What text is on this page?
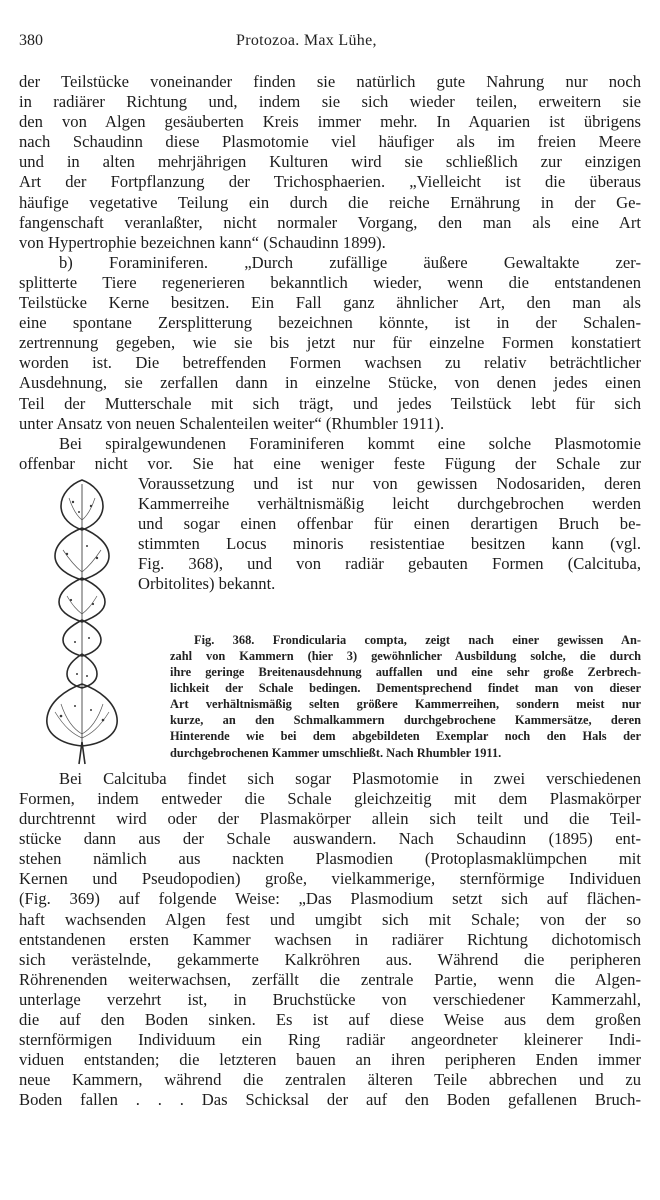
380	Protozoa. Max Lühe,

der Teilstücke voneinander finden sie natürlich gute Nahrung nur noch
in radiärer Richtung und, indem sie sich wieder teilen, erweitern sie
den von Algen gesäuberten Kreis immer mehr. In Aquarien ist übrigens
nach Schaudinn diese Plasmotomie viel häufiger als im freien Meere
und in alten mehrjährigen Kulturen wird sie schließlich zur einzigen
Art der Fortpflanzung der Trichosphaerien. „Vielleicht ist die überaus
häufige vegetative Teilung ein durch die reiche Ernährung in der Ge-
fangenschaft veranlaßter, nicht normaler Vorgang, den man als eine Art
von Hypertrophie bezeichnen kann“ (Schaudinn 1899).

b) Foraminiferen. „Durch zufällige äußere Gewaltakte zer-
splitterte Tiere regenerieren bekanntlich wieder, wenn die entstandenen
Teilstücke Kerne besitzen. Ein Fall ganz ähnlicher Art, den man als
eine spontane Zersplitterung bezeichnen könnte, ist in der Schalen-
zertrennung gegeben, wie sie bis jetzt nur für einzelne Formen konstatiert
worden ist. Die betreffenden Formen wachsen zu relativ beträchtlicher
Ausdehnung, sie zerfallen dann in einzelne Stücke, von denen jedes einen
Teil der Mutterschale mit sich trägt, und jedes Teilstück lebt für sich
unter Ansatz von neuen Schalenteilen weiter“ (Rhumbler 1911).

Bei spiralgewundenen Foraminiferen kommt eine solche Plasmotomie
offenbar nicht vor. Sie hat eine weniger feste Fügung der Schale zur

Voraussetzung und ist nur von gewissen Nodosariden, deren
Kammerreihe verhältnismäßig leicht durchgebrochen werden
und sogar einen offenbar für einen derartigen Bruch be-
stimmten Locus minoris resistentiae besitzen kann (vgl.
Fig. 368), und von radiär gebauten Formen (Calcituba,
Orbitolites) bekannt.
Fig. 368. Frondicularia compta, zeigt nach einer gewissen An-
zahl von Kammern (hier 3) gewöhnlicher Ausbildung solche, die durch
ihre geringe Breitenausdehnung auffallen und eine sehr große Zerbrech-
lichkeit der Schale bedingen. Dementsprechend findet man von dieser
Art verhältnismäßig selten größere Kammerreihen, sondern meist nur
kurze, an den Schmalkammern durchgebrochene Kammersätze, deren
Hinterende wie bei dem abgebildeten Exemplar noch den Hals der
durchgebrochenen Kammer umschließt. Nach Rhumbler 1911.

Bei Calcituba findet sich sogar Plasmotomie in zwei verschiedenen
Formen, indem entweder die Schale gleichzeitig mit dem Plasmakörper
durchtrennt wird oder der Plasmakörper allein sich teilt und die Teil-
stücke dann aus der Schale auswandern. Nach Schaudinn (1895) ent-
stehen nämlich aus nackten Plasmodien (Protoplasmaklümpchen mit
Kernen und Pseudopodien) große, vielkammerige, sternförmige Individuen
(Fig. 369) auf folgende Weise: „Das Plasmodium setzt sich auf flächen-
haft wachsenden Algen fest und umgibt sich mit Schale; von der so
entstandenen ersten Kammer wachsen in radiärer Richtung dichotomisch
sich verästelnde, gekammerte Kalkröhren aus. Während die peripheren
Röhrenenden weiterwachsen, zerfällt die zentrale Partie, wenn die Algen-
unterlage verzehrt ist, in Bruchstücke von verschiedener Kammerzahl,
die auf den Boden sinken. Es ist auf diese Weise aus dem großen
sternförmigen Individuum ein Ring radiär angeordneter kleinerer Indi-
viduen entstanden; die letzteren bauen an ihren peripheren Enden immer
neue Kammern, während die zentralen älteren Teile abbrechen und zu
Boden fallen . . . Das Schicksal der auf den Boden gefallenen Bruch-
